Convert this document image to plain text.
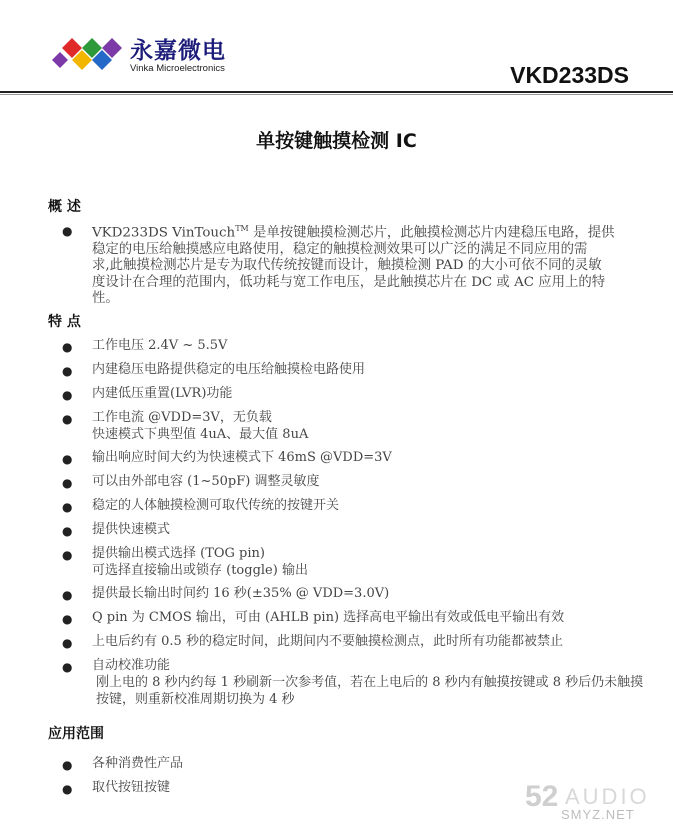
永嘉微电
Vinka Microelectronics	VKD233DS
单按键触摸检测 IC
概 述
● VKD233DS VinTouch™ 是单按键触摸检测芯片，此触摸检测芯片内建稳压电路，提供
稳定的电压给触摸感应电路使用，稳定的触摸检测效果可以广泛的满足不同应用的需
求,此触摸检测芯片是专为取代传统按键而设计，触摸检测 PAD 的大小可依不同的灵敏
度设计在合理的范围内，低功耗与宽工作电压，是此触摸芯片在 DC 或 AC 应用上的特
性。
特 点
● 工作电压 2.4V ~ 5.5V
● 内建稳压电路提供稳定的电压给触摸检电路使用
● 内建低压重置(LVR)功能
● 工作电流 @VDD=3V，无负载
快速模式下典型值 4uA、最大值 8uA
● 输出响应时间大约为快速模式下 46mS @VDD=3V
● 可以由外部电容 (1~50pF) 调整灵敏度
● 稳定的人体触摸检测可取代传统的按键开关
● 提供快速模式
● 提供输出模式选择 (TOG pin)
可选择直接输出或锁存 (toggle) 输出
● 提供最长输出时间约 16 秒(±35% @ VDD=3.0V)
● Q pin 为 CMOS 输出，可由 (AHLB pin) 选择高电平输出有效或低电平输出有效
● 上电后约有 0.5 秒的稳定时间，此期间内不要触摸检测点，此时所有功能都被禁止
● 自动校准功能
刚上电的 8 秒内约每 1 秒刷新一次参考值，若在上电后的 8 秒内有触摸按键或 8 秒后仍未触摸
按键，则重新校准周期切换为 4 秒
应用范围
● 各种消费性产品
● 取代按钮按键	52 AUDIO
SMYZ.NET
